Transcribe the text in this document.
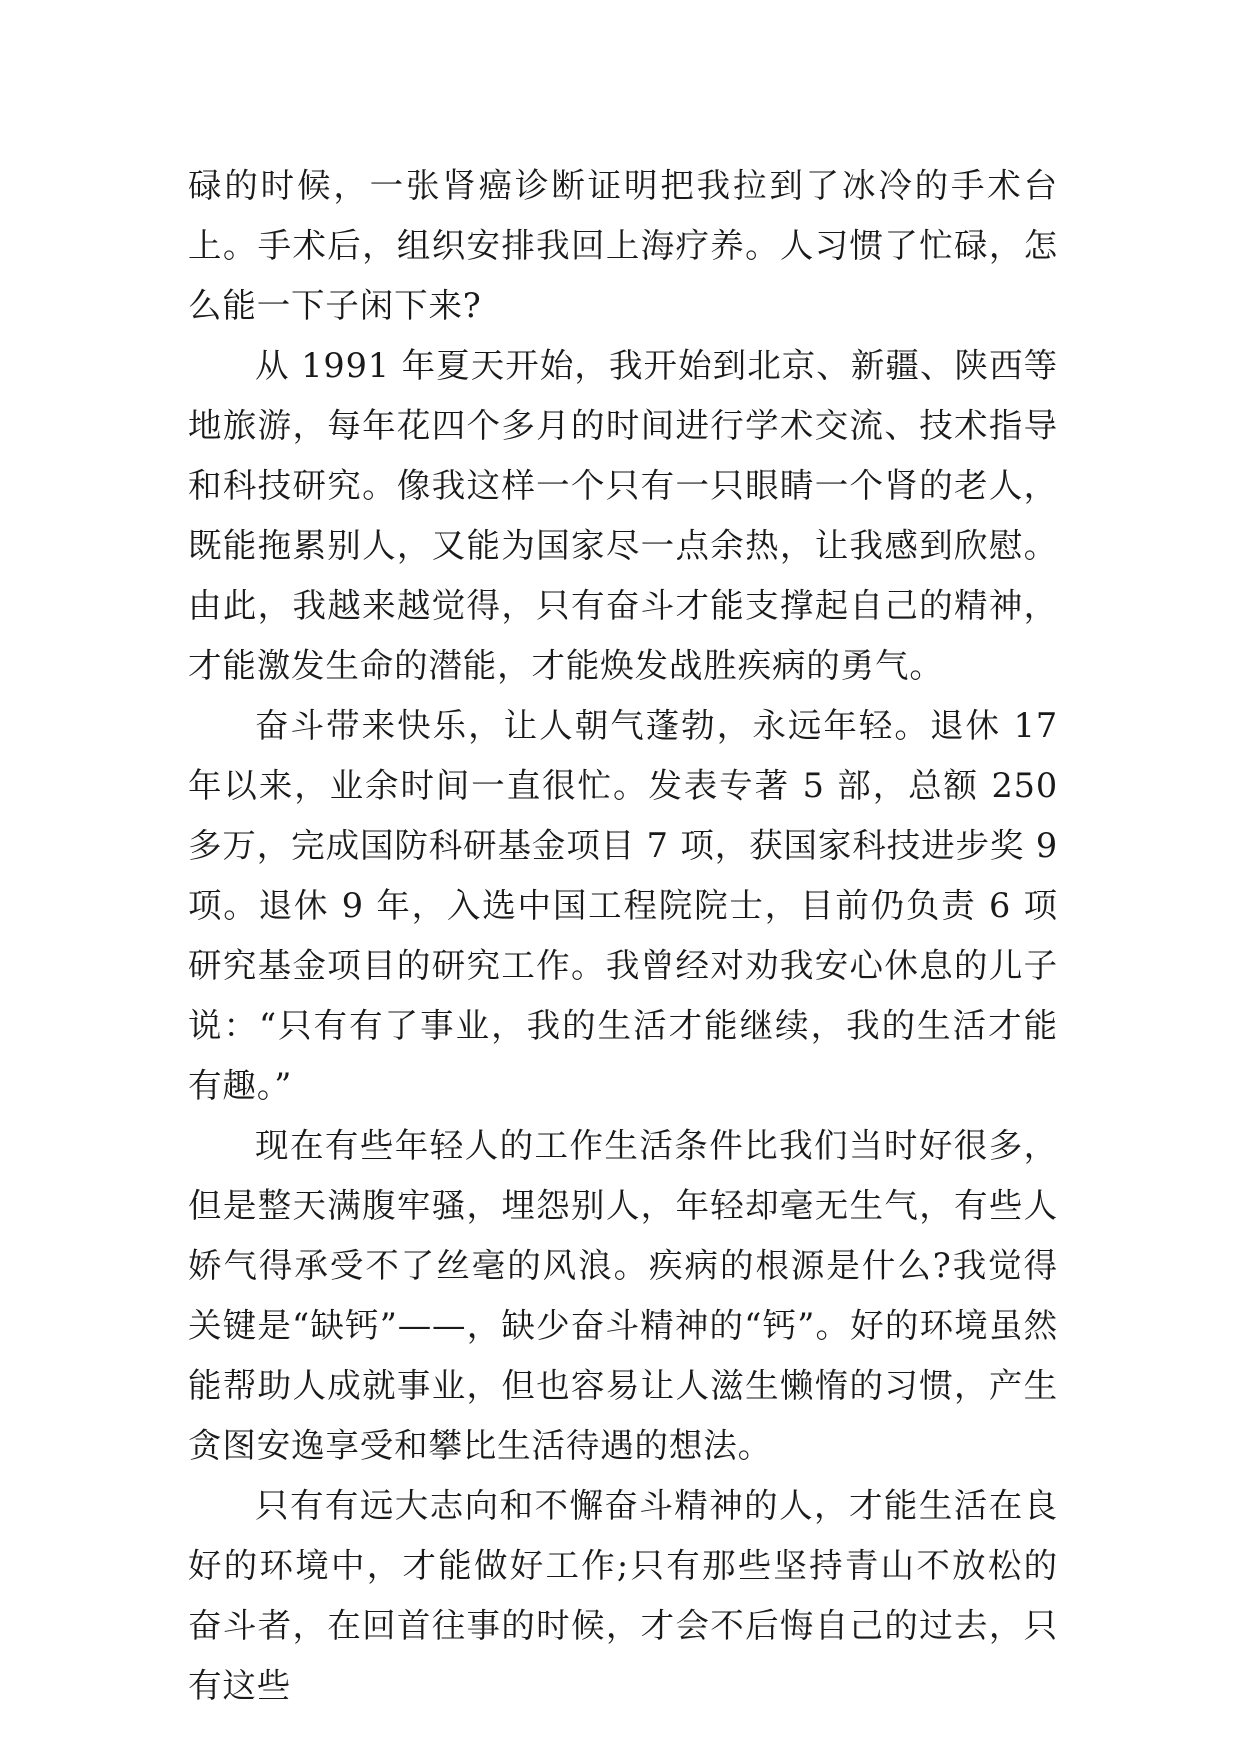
碌的时候，一张肾癌诊断证明把我拉到了冰冷的手术台上。手术后，组织安排我回上海疗养。人习惯了忙碌，怎么能一下子闲下来?

从 1991 年夏天开始，我开始到北京、新疆、陕西等地旅游，每年花四个多月的时间进行学术交流、技术指导和科技研究。像我这样一个只有一只眼睛一个肾的老人，既能拖累别人，又能为国家尽一点余热，让我感到欣慰。由此，我越来越觉得，只有奋斗才能支撑起自己的精神，才能激发生命的潜能，才能焕发战胜疾病的勇气。

奋斗带来快乐，让人朝气蓬勃，永远年轻。退休 17 年以来，业余时间一直很忙。发表专著 5 部，总额 250 多万，完成国防科研基金项目 7 项，获国家科技进步奖 9 项。退休 9 年，入选中国工程院院士，目前仍负责 6 项研究基金项目的研究工作。我曾经对劝我安心休息的儿子说：“只有有了事业，我的生活才能继续，我的生活才能有趣。”

现在有些年轻人的工作生活条件比我们当时好很多，但是整天满腹牢骚，埋怨别人，年轻却毫无生气，有些人娇气得承受不了丝毫的风浪。疾病的根源是什么?我觉得关键是“缺钙”——，缺少奋斗精神的“钙”。好的环境虽然能帮助人成就事业，但也容易让人滋生懒惰的习惯，产生贪图安逸享受和攀比生活待遇的想法。

只有有远大志向和不懈奋斗精神的人，才能生活在良好的环境中，才能做好工作;只有那些坚持青山不放松的奋斗者，在回首往事的时候，才会不后悔自己的过去，只有这些
